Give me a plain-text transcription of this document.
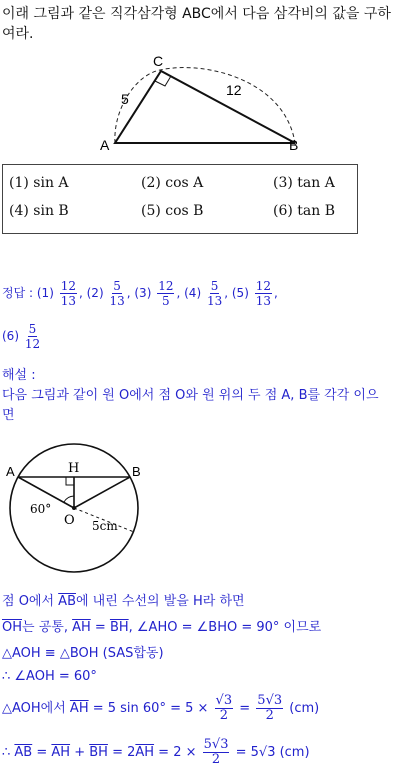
이래 그림과 같은 직각삼각형 ABC에서 다음 삼각비의 값을 구하
여라.
A	B
C
5
12
(1) sin A	(2) cos A	(3) tan A
(4) sin B	(5) cos B	(6) tan B
정답 : $(1) \frac{12}{13}$ , $(2) \frac{5}{13}$ , $(3) \frac{12}{5}$ , $(4) \frac{5}{13}$ , $(5) \frac{12}{13}$ ,
$(6) \frac{5}{12}$
해설 :
다음 그림과 같이 원 O에서 점 O와 원 위의 두 점 A, B를 각각 이으
면
A	B
H
O
60°
5cm
점 O에서 $\overline{AB}$에 내린 수선의 발을 H라 하면
$\overline{OH}$는 공통, $\overline{AH} = \overline{BH}$, ∠AHO = ∠BHO = 90° 이므로
△AOH ≡ △BOH (SAS합동)
∴ ∠AOH = 60°
△AOH에서 $\overline{AH} = 5$ $\sin 60^\circ = 5 \times \frac{√3}{2} = \frac{5√3}{2} (cm)$
∴ $\overline{AB} = \overline{AH} + \overline{BH} = 2\overline{AH} = 2 \times \frac{5√3}{2} = 5√3$ (cm)
